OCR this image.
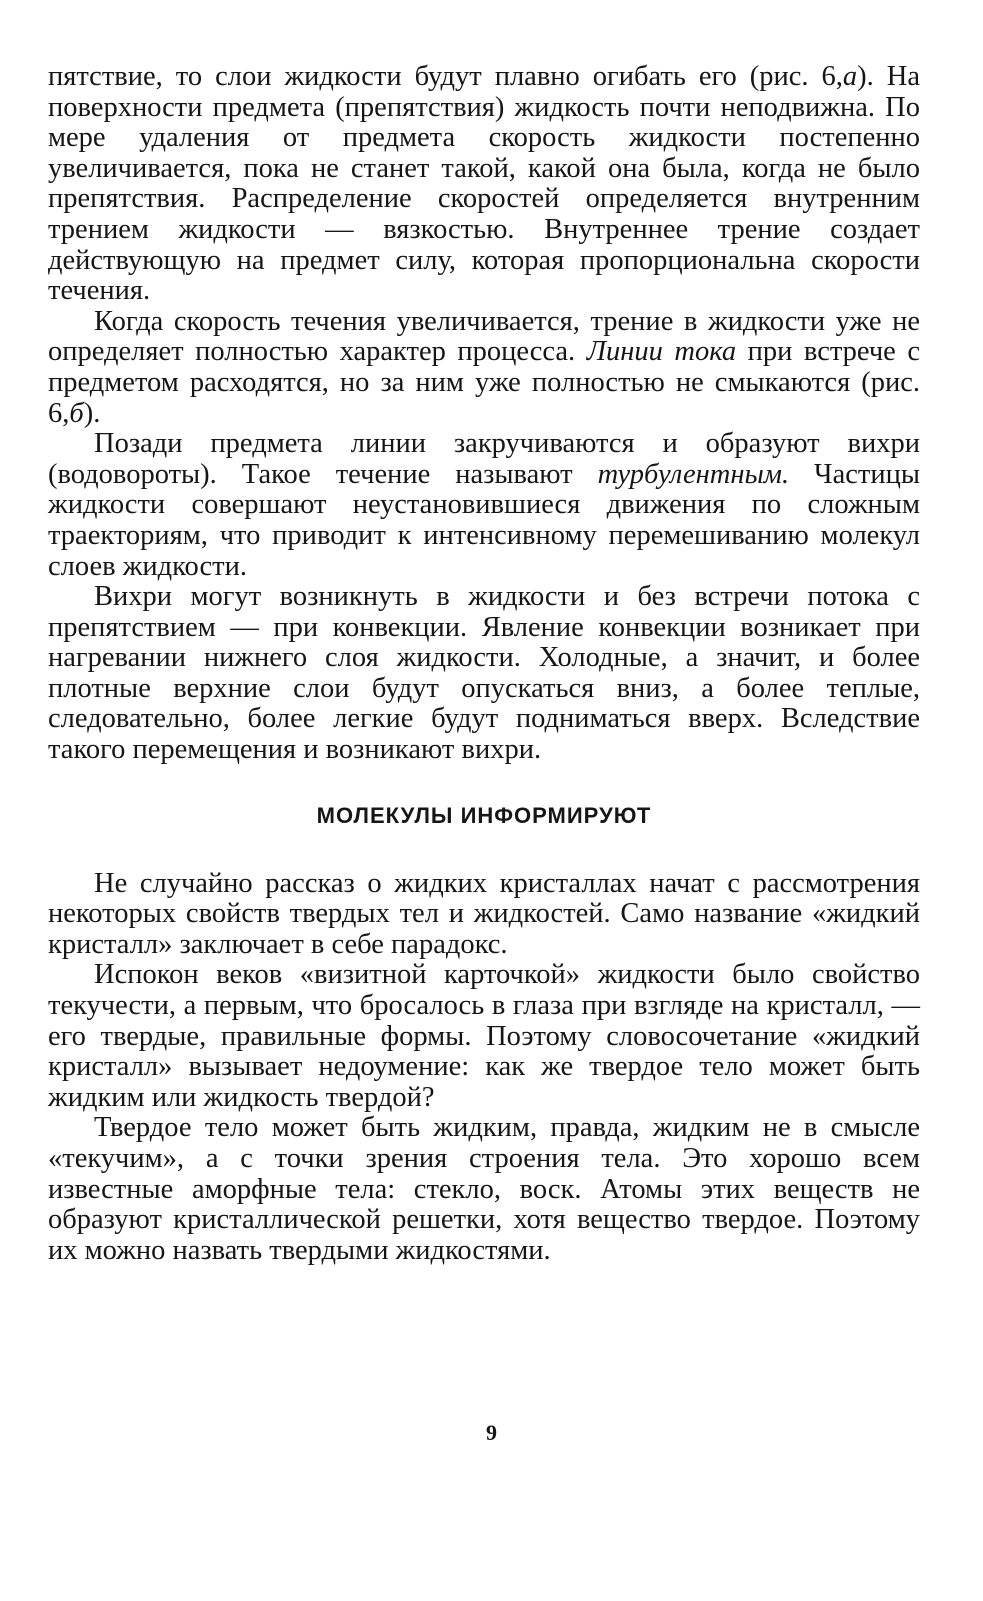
пятствие, то слои жидкости будут плавно огибать его (рис. 6,а). На поверхности предмета (препятствия) жидкость почти неподвижна. По мере удаления от предмета скорость жидкости постепенно увеличивается, пока не станет такой, какой она была, когда не было препятствия. Распределение скоростей определяется внутренним трением жидкости — вязкостью. Внутреннее трение создает действующую на предмет силу, которая пропорциональна скорости течения.

Когда скорость течения увеличивается, трение в жидкости уже не определяет полностью характер процесса. Линии тока при встрече с предметом расходятся, но за ним уже полностью не смыкаются (рис. 6,б).

Позади предмета линии закручиваются и образуют вихри (водовороты). Такое течение называют турбулентным. Частицы жидкости совершают неустановившиеся движения по сложным траекториям, что приводит к интенсивному перемешиванию молекул слоев жидкости.

Вихри могут возникнуть в жидкости и без встречи потока с препятствием — при конвекции. Явление конвекции возникает при нагревании нижнего слоя жидкости. Холодные, а значит, и более плотные верхние слои будут опускаться вниз, а более теплые, следовательно, более легкие будут подниматься вверх. Вследствие такого перемещения и возникают вихри.

МОЛЕКУЛЫ ИНФОРМИРУЮТ

Не случайно рассказ о жидких кристаллах начат с рассмотрения некоторых свойств твердых тел и жидкостей. Само название «жидкий кристалл» заключает в себе парадокс.

Испокон веков «визитной карточкой» жидкости было свойство текучести, а первым, что бросалось в глаза при взгляде на кристалл, — его твердые, правильные формы. Поэтому словосочетание «жидкий кристалл» вызывает недоумение: как же твердое тело может быть жидким или жидкость твердой?

Твердое тело может быть жидким, правда, жидким не в смысле «текучим», а с точки зрения строения тела. Это хорошо всем известные аморфные тела: стекло, воск. Атомы этих веществ не образуют кристаллической решетки, хотя вещество твердое. Поэтому их можно назвать твердыми жидкостями.

9
